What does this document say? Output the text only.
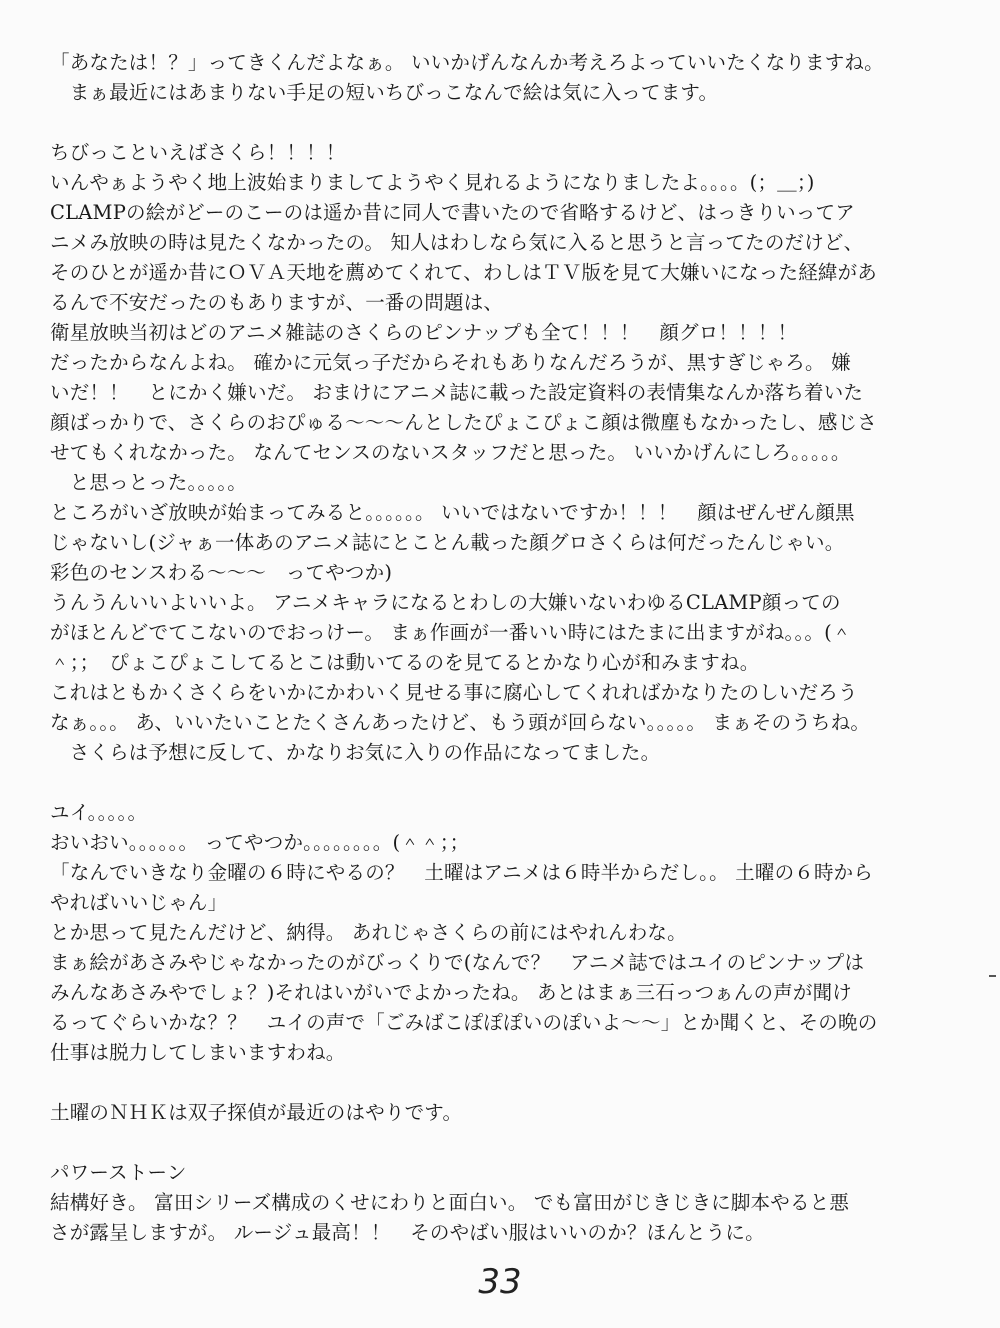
「あなたは！？」ってきくんだよなぁ。 いいかげんなんか考えろよっていいたくなりますね。
　まぁ最近にはあまりない手足の短いちびっこなんで絵は気に入ってます。
ちびっこといえばさくら！！！！
いんやぁようやく地上波始まりましてようやく見れるようになりましたよ。。。。(；＿；)
CLAMPの絵がどーのこーのは遥か昔に同人で書いたので省略するけど、はっきりいってア
ニメみ放映の時は見たくなかったの。 知人はわしなら気に入ると思うと言ってたのだけど、
そのひとが遥か昔にＯＶＡ天地を薦めてくれて、わしはＴＶ版を見て大嫌いになった経緯があ
るんで不安だったのもありますが、一番の問題は、
衛星放映当初はどのアニメ雑誌のさくらのピンナップも全て！！！　顔グロ！！！！
だったからなんよね。 確かに元気っ子だからそれもありなんだろうが、黒すぎじゃろ。 嫌
いだ！！　とにかく嫌いだ。 おまけにアニメ誌に載った設定資料の表情集なんか落ち着いた
顔ばっかりで、さくらのおぴゅる〜〜〜んとしたぴょこぴょこ顔は微塵もなかったし、感じさ
せてもくれなかった。 なんてセンスのないスタッフだと思った。 いいかげんにしろ。。。。。
　と思っとった。。。。。
ところがいざ放映が始まってみると。。。。。。 いいではないですか！！！　顔はぜんぜん顔黒
じゃないし(ジャぁ一体あのアニメ誌にとことん載った顔グロさくらは何だったんじゃい。
彩色のセンスわる〜〜〜　ってやつか)
うんうんいいよいいよ。 アニメキャラになるとわしの大嫌いないわゆるCLAMP顔っての
がほとんどでてこないのでおっけー。 まぁ作画が一番いい時にはたまに出ますがね。。。(＾
＾；；　ぴょこぴょこしてるとこは動いてるのを見てるとかなり心が和みますね。
これはともかくさくらをいかにかわいく見せる事に腐心してくれればかなりたのしいだろう
なぁ。。。 あ、いいたいことたくさんあったけど、もう頭が回らない。。。。。 まぁそのうちね。
　さくらは予想に反して、かなりお気に入りの作品になってました。
ユイ。。。。。
おいおい。。。。。。 ってやつか。。。。。。。。(＾＾；；
「なんでいきなり金曜の６時にやるの？　土曜はアニメは６時半からだし。。 土曜の６時から
やればいいじゃん」
とか思って見たんだけど、納得。 あれじゃさくらの前にはやれんわな。
まぁ絵があさみやじゃなかったのがびっくりで(なんで？　アニメ誌ではユイのピンナップは
みんなあさみやでしょ？)それはいがいでよかったね。 あとはまぁ三石っつぁんの声が聞け
るってぐらいかな？？　ユイの声で「ごみばこぽぽぽいのぽいよ〜〜」とか聞くと、その晩の
仕事は脱力してしまいますわね。
土曜のＮＨＫは双子探偵が最近のはやりです。
パワーストーン
結構好き。 富田シリーズ構成のくせにわりと面白い。 でも富田がじきじきに脚本やると悪
さが露呈しますが。 ルージュ最高！！　そのやばい服はいいのか？ほんとうに。
33
